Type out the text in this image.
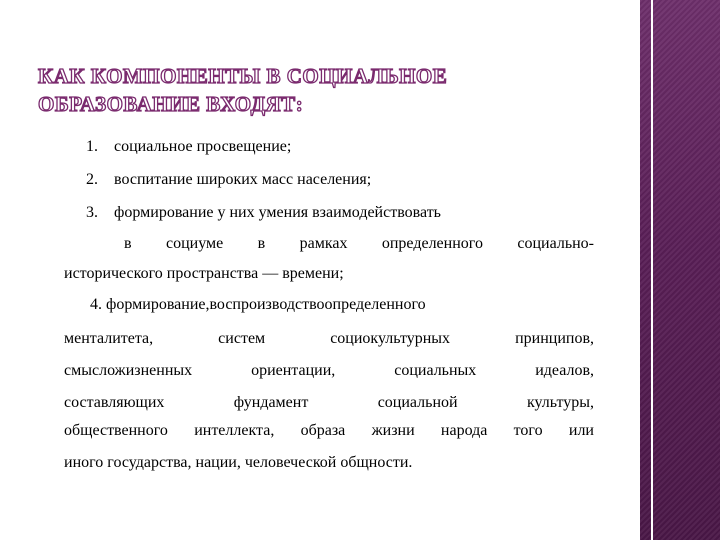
КАК КОМПОНЕНТЫ В СОЦИАЛЬНОЕ
ОБРАЗОВАНИЕ ВХОДЯТ:
1. социальное просвещение;
2. воспитание широких масс населения;
3. формирование у них умения взаимодействовать
в социуме в рамках определенного социально-
исторического пространства — времени;
4. формирование,воспроизводствоопределенного
менталитета, систем социокультурных принципов,
смысложизненных ориентации, социальных идеалов,
составляющих фундамент социальной культуры,
общественного интеллекта, образа жизни народа того или
иного государства, нации, человеческой общности.
